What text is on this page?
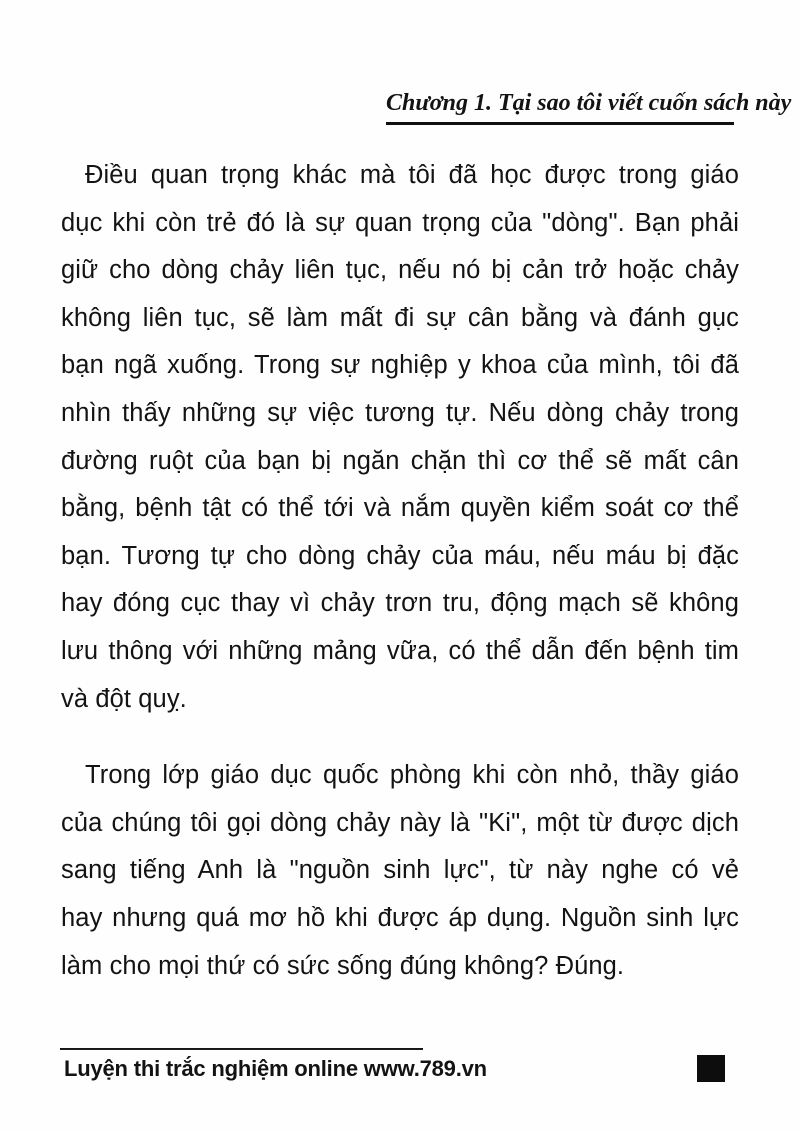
Chương 1. Tại sao tôi viết cuốn sách này
Điều quan trọng khác mà tôi đã học được trong giáo
dục khi còn trẻ đó là sự quan trọng của "dòng". Bạn phải
giữ cho dòng chảy liên tục, nếu nó bị cản trở hoặc chảy
không liên tục, sẽ làm mất đi sự cân bằng và đánh gục
bạn ngã xuống. Trong sự nghiệp y khoa của mình, tôi đã
nhìn thấy những sự việc tương tự. Nếu dòng chảy trong
đường ruột của bạn bị ngăn chặn thì cơ thể sẽ mất cân
bằng, bệnh tật có thể tới và nắm quyền kiểm soát cơ thể
bạn. Tương tự cho dòng chảy của máu, nếu máu bị đặc
hay đóng cục thay vì chảy trơn tru, động mạch sẽ không
lưu thông với những mảng vữa, có thể dẫn đến bệnh tim
và đột quỵ.
Trong lớp giáo dục quốc phòng khi còn nhỏ, thầy giáo
của chúng tôi gọi dòng chảy này là "Ki", một từ được dịch
sang tiếng Anh là "nguồn sinh lực", từ này nghe có vẻ
hay nhưng quá mơ hồ khi được áp dụng. Nguồn sinh lực
làm cho mọi thứ có sức sống đúng không? Đúng.
Luyện thi trắc nghiệm online www.789.vn
